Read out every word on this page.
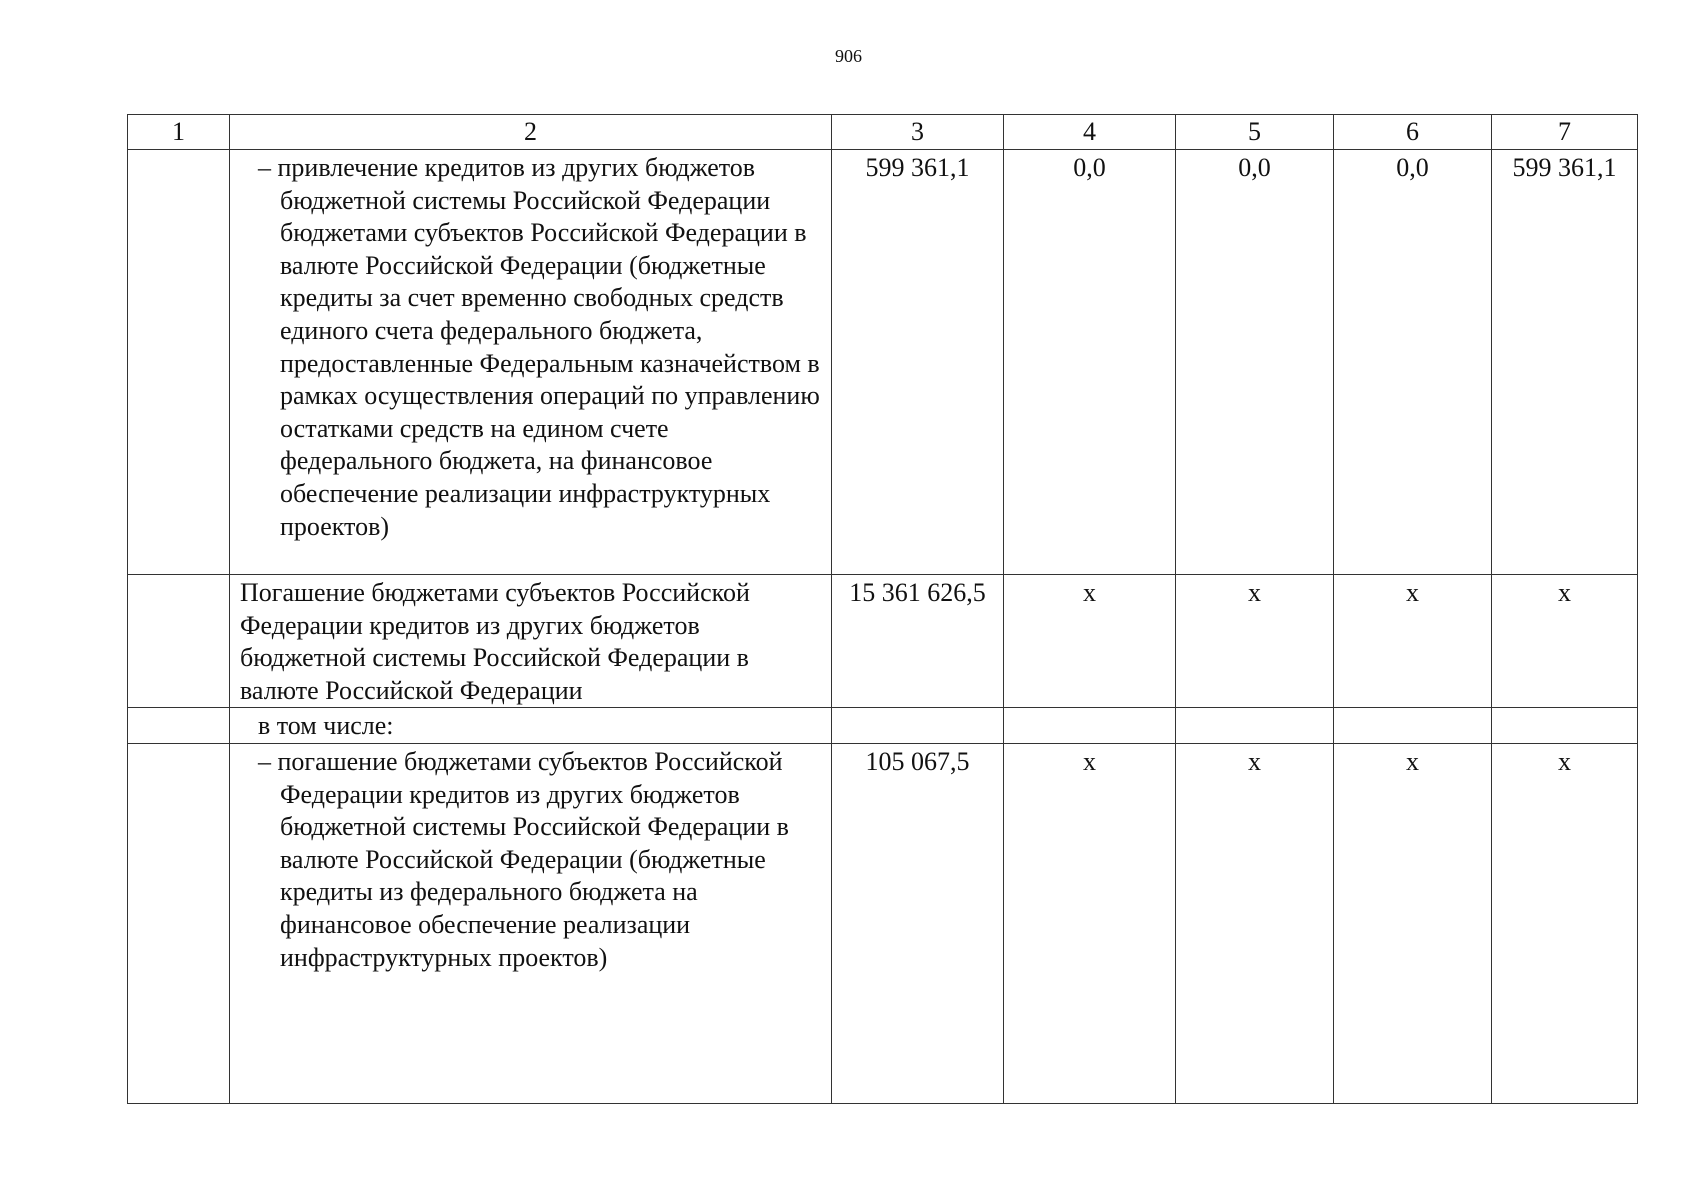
906
1	2	3	4	5	6	7

	– привлечение кредитов из других бюджетов бюджетной системы Российской Федерации бюджетами субъектов Российской Федерации в валюте Российской Федерации (бюджетные кредиты за счет временно свободных средств единого счета федерального бюджета, предоставленные Федеральным казначейством в рамках осуществления операций по управлению остатками средств на едином счете федерального бюджета, на финансовое обеспечение реализации инфраструктурных проектов)	599 361,1	0,0	0,0	0,0	599 361,1

	Погашение бюджетами субъектов Российской Федерации кредитов из других бюджетов бюджетной системы Российской Федерации в валюте Российской Федерации	15 361 626,5	х	х	х	х

	в том числе:					

	– погашение бюджетами субъектов Российской Федерации кредитов из других бюджетов бюджетной системы Российской Федерации в валюте Российской Федерации (бюджетные кредиты из федерального бюджета на финансовое обеспечение реализации инфраструктурных проектов)	105 067,5	х	х	х	х
